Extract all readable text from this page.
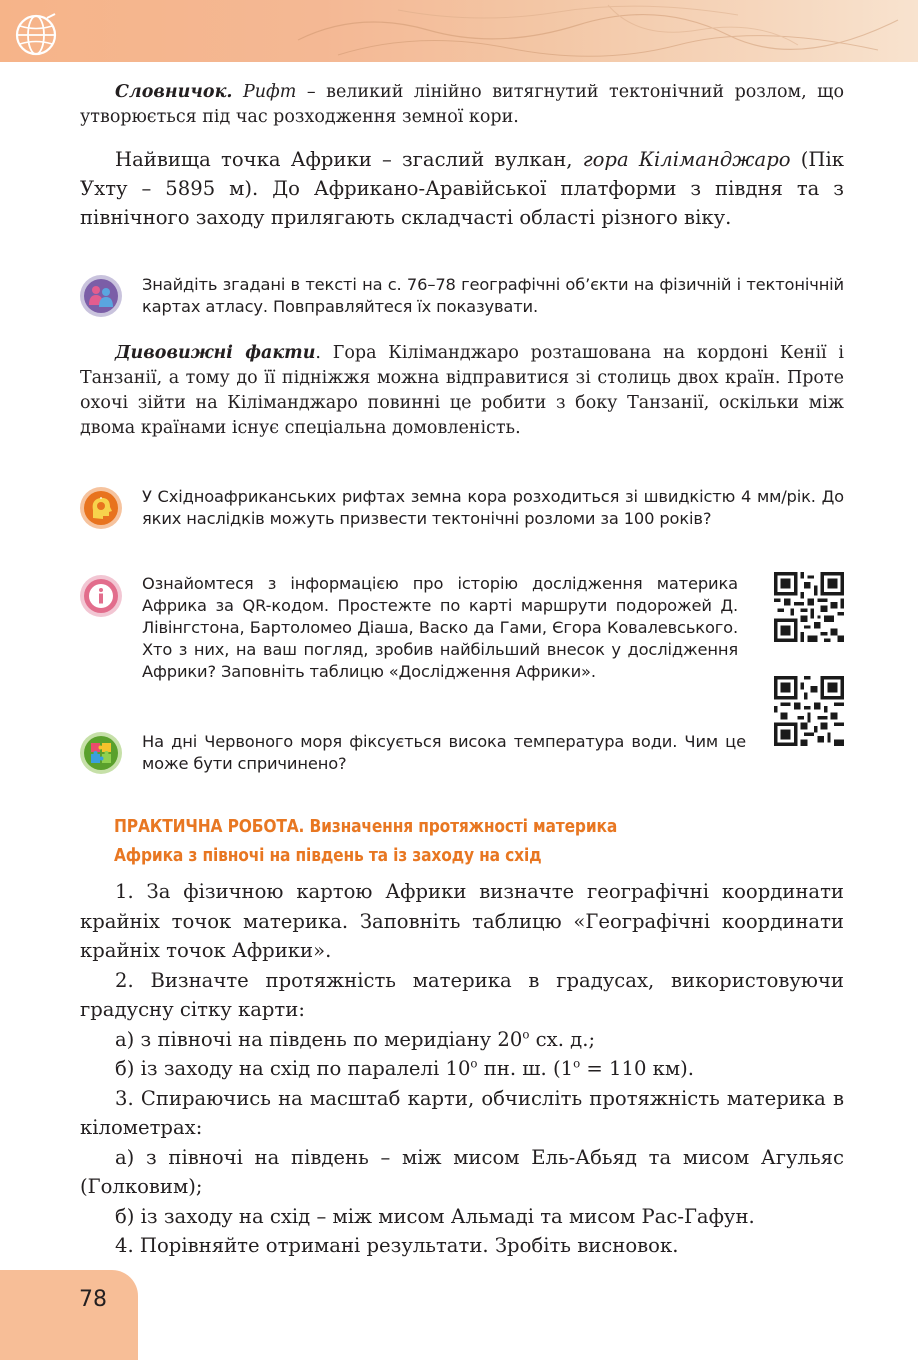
Словничок. Рифт – великий лінійно витягнутий тектонічний розлом, що утворюється під час розходження земної кори.

Найвища точка Африки – згаслий вулкан, гора Кіліманджаро (Пік Ухту – 5895 м). До Африкано-Аравійської платформи з півдня та з північного заходу прилягають складчасті області різного віку.

Знайдіть згадані в тексті на с. 76–78 географічні об’єкти на фізичній і тектонічній картах атласу. Повправляйтеся їх показувати.

Дивовижні факти. Гора Кіліманджаро розташована на кордоні Кенії і Танзанії, а тому до її підніжжя можна відправитися зі столиць двох країн. Проте охочі зійти на Кіліманджаро повинні це робити з боку Танзанії, оскільки між двома країнами існує спеціальна домовленість.

У Східноафриканських рифтах земна кора розходиться зі швидкістю 4 мм/рік. До яких наслідків можуть призвести тектонічні розломи за 100 років?

Ознайомтеся з інформацією про історію дослідження материка Африка за QR-кодом. Простежте по карті маршрути подорожей Д. Лівінгстона, Бартоломео Діаша, Васко да Гами, Єгора Ковалевського. Хто з них, на ваш погляд, зробив найбільший внесок у дослідження Африки? Заповніть таблицю «Дослідження Африки».

На дні Червоного моря фіксується висока температура води. Чим це може бути спричинено?

ПРАКТИЧНА РОБОТА. Визначення протяжності материка
Африка з півночі на південь та із заходу на схід

1. За фізичною картою Африки визначте географічні координати крайніх точок материка. Заповніть таблицю «Географічні координати крайніх точок Африки».

2. Визначте протяжність материка в градусах, використовуючи градусну сітку карти:

а) з півночі на південь по меридіану $20^о$ сх. д.;

б) із заходу на схід по паралелі $10^о$ пн. ш. ($1^о = 110$ км).

3. Спираючись на масштаб карти, обчисліть протяжність материка в кілометрах:

а) з півночі на південь – між мисом Ель-Абьяд та мисом Агульяс (Голковим);

б) із заходу на схід – між мисом Альмаді та мисом Рас-Гафун.

4. Порівняйте отримані результати. Зробіть висновок.

78
